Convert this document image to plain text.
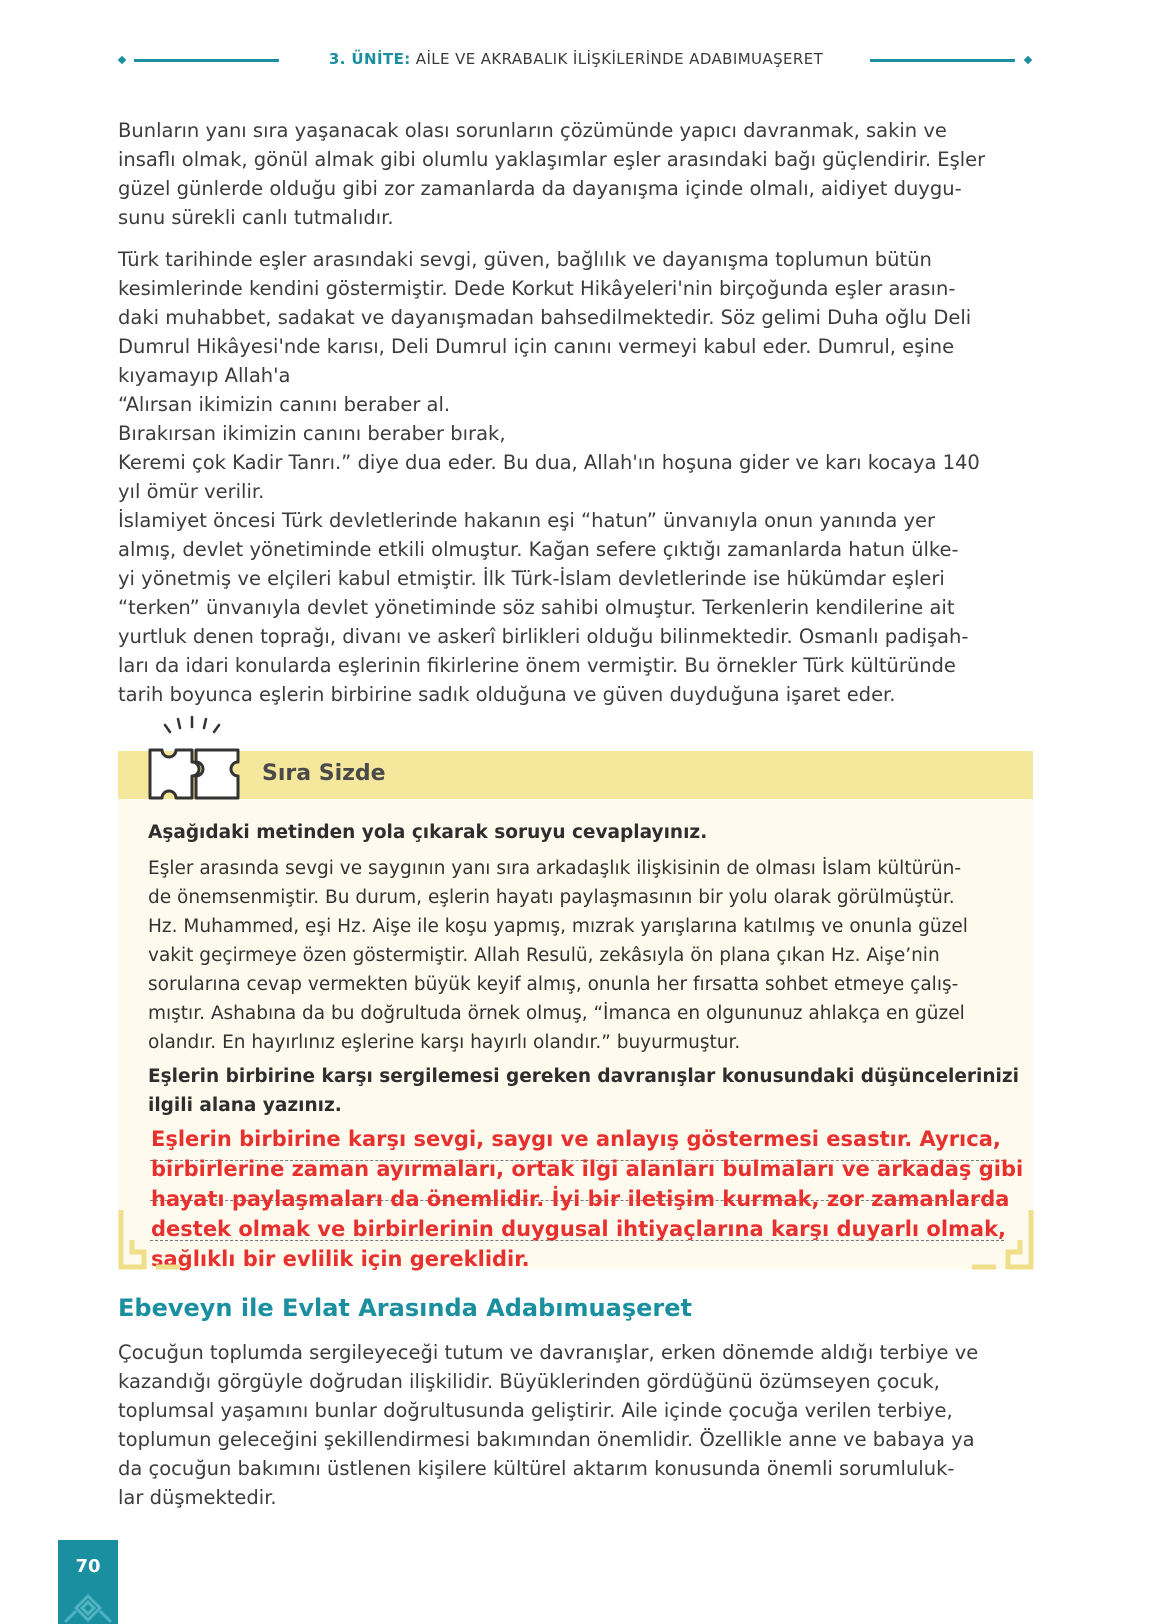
3. ÜNİTE: AİLE VE AKRABALIK İLİŞKİLERİNDE ADABIMUAŞERET
Bunların yanı sıra yaşanacak olası sorunların çözümünde yapıcı davranmak, sakin ve
insaflı olmak, gönül almak gibi olumlu yaklaşımlar eşler arasındaki bağı güçlendirir. Eşler
güzel günlerde olduğu gibi zor zamanlarda da dayanışma içinde olmalı, aidiyet duygu-
sunu sürekli canlı tutmalıdır.
Türk tarihinde eşler arasındaki sevgi, güven, bağlılık ve dayanışma toplumun bütün
kesimlerinde kendini göstermiştir. Dede Korkut Hikâyeleri'nin birçoğunda eşler arasın-
daki muhabbet, sadakat ve dayanışmadan bahsedilmektedir. Söz gelimi Duha oğlu Deli
Dumrul Hikâyesi'nde karısı, Deli Dumrul için canını vermeyi kabul eder. Dumrul, eşine
kıyamayıp Allah'a
“Alırsan ikimizin canını beraber al.
Bırakırsan ikimizin canını beraber bırak,
Keremi çok Kadir Tanrı.” diye dua eder. Bu dua, Allah'ın hoşuna gider ve karı kocaya 140
yıl ömür verilir.
İslamiyet öncesi Türk devletlerinde hakanın eşi “hatun” ünvanıyla onun yanında yer
almış, devlet yönetiminde etkili olmuştur. Kağan sefere çıktığı zamanlarda hatun ülke-
yi yönetmiş ve elçileri kabul etmiştir. İlk Türk-İslam devletlerinde ise hükümdar eşleri
“terken” ünvanıyla devlet yönetiminde söz sahibi olmuştur. Terkenlerin kendilerine ait
yurtluk denen toprağı, divanı ve askerî birlikleri olduğu bilinmektedir. Osmanlı padişah-
ları da idari konularda eşlerinin fikirlerine önem vermiştir. Bu örnekler Türk kültüründe
tarih boyunca eşlerin birbirine sadık olduğuna ve güven duyduğuna işaret eder.
Sıra Sizde
Aşağıdaki metinden yola çıkarak soruyu cevaplayınız.
Eşler arasında sevgi ve saygının yanı sıra arkadaşlık ilişkisinin de olması İslam kültürün-
de önemsenmiştir. Bu durum, eşlerin hayatı paylaşmasının bir yolu olarak görülmüştür.
Hz. Muhammed, eşi Hz. Aişe ile koşu yapmış, mızrak yarışlarına katılmış ve onunla güzel
vakit geçirmeye özen göstermiştir. Allah Resulü, zekâsıyla ön plana çıkan Hz. Aişe’nin
sorularına cevap vermekten büyük keyif almış, onunla her fırsatta sohbet etmeye çalış-
mıştır. Ashabına da bu doğrultuda örnek olmuş, “İmanca en olgununuz ahlakça en güzel
olandır. En hayırlınız eşlerine karşı hayırlı olandır.” buyurmuştur.
Eşlerin birbirine karşı sergilemesi gereken davranışlar konusundaki düşüncelerinizi
ilgili alana yazınız.
Eşlerin birbirine karşı sevgi, saygı ve anlayış göstermesi esastır. Ayrıca,
birbirlerine zaman ayırmaları, ortak ilgi alanları bulmaları ve arkadaş gibi
hayatı paylaşmaları da önemlidir. İyi bir iletişim kurmak, zor zamanlarda
destek olmak ve birbirlerinin duygusal ihtiyaçlarına karşı duyarlı olmak,
sağlıklı bir evlilik için gereklidir.
Ebeveyn ile Evlat Arasında Adabımuaşeret
Çocuğun toplumda sergileyeceği tutum ve davranışlar, erken dönemde aldığı terbiye ve
kazandığı görgüyle doğrudan ilişkilidir. Büyüklerinden gördüğünü özümseyen çocuk,
toplumsal yaşamını bunlar doğrultusunda geliştirir. Aile içinde çocuğa verilen terbiye,
toplumun geleceğini şekillendirmesi bakımından önemlidir. Özellikle anne ve babaya ya
da çocuğun bakımını üstlenen kişilere kültürel aktarım konusunda önemli sorumluluk-
lar düşmektedir.
70
